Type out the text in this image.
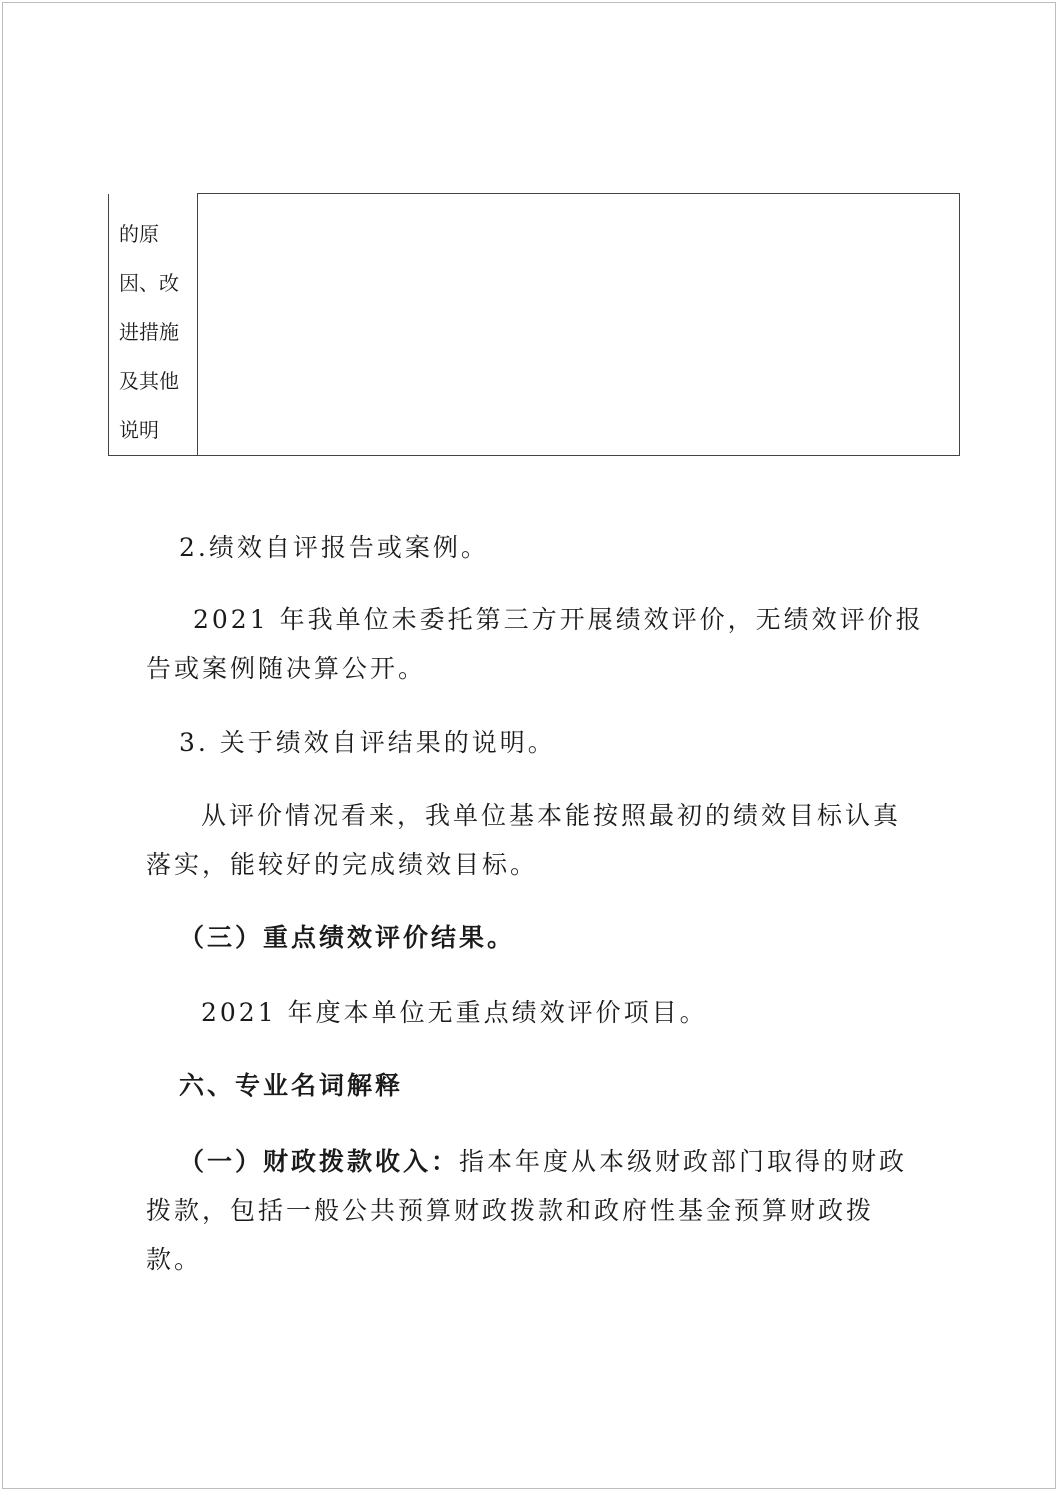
的原
因、改
进措施
及其他
说明

2.绩效自评报告或案例。
2021 年我单位未委托第三方开展绩效评价，无绩效评价报
告或案例随决算公开。
3. 关于绩效自评结果的说明。
从评价情况看来，我单位基本能按照最初的绩效目标认真
落实，能较好的完成绩效目标。
（三）重点绩效评价结果。
2021 年度本单位无重点绩效评价项目。
六、专业名词解释
（一）财政拨款收入：指本年度从本级财政部门取得的财政
拨款，包括一般公共预算财政拨款和政府性基金预算财政拨
款。
